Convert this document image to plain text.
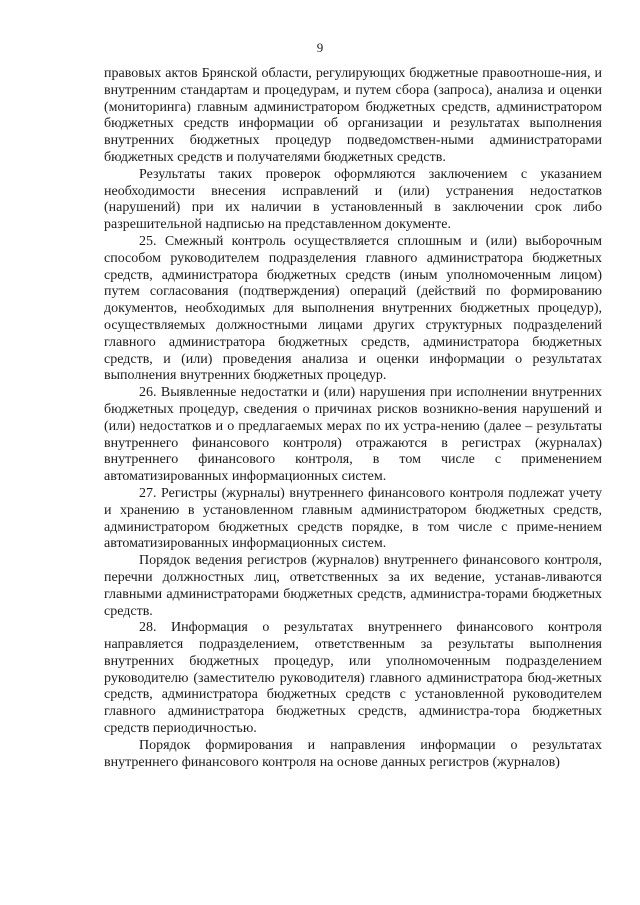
9

правовых актов Брянской области, регулирующих бюджетные правоотноше-ния, и внутренним стандартам и процедурам, и путем сбора (запроса), анализа и оценки (мониторинга) главным администратором бюджетных средств, администратором бюджетных средств информации об организации и результатах выполнения внутренних бюджетных процедур подведомствен-ными администраторами бюджетных средств и получателями бюджетных средств.

Результаты таких проверок оформляются заключением с указанием необходимости внесения исправлений и (или) устранения недостатков (нарушений) при их наличии в установленный в заключении срок либо разрешительной надписью на представленном документе.

25. Смежный контроль осуществляется сплошным и (или) выборочным способом руководителем подразделения главного администратора бюджетных средств, администратора бюджетных средств (иным уполномоченным лицом) путем согласования (подтверждения) операций (действий по формированию документов, необходимых для выполнения внутренних бюджетных процедур), осуществляемых должностными лицами других структурных подразделений главного администратора бюджетных средств, администратора бюджетных средств, и (или) проведения анализа и оценки информации о результатах выполнения внутренних бюджетных процедур.

26. Выявленные недостатки и (или) нарушения при исполнении внутренних бюджетных процедур, сведения о причинах рисков возникно-вения нарушений и (или) недостатков и о предлагаемых мерах по их устра-нению (далее – результаты внутреннего финансового контроля) отражаются в регистрах (журналах) внутреннего финансового контроля, в том числе с применением автоматизированных информационных систем.

27. Регистры (журналы) внутреннего финансового контроля подлежат учету и хранению в установленном главным администратором бюджетных средств, администратором бюджетных средств порядке, в том числе с приме-нением автоматизированных информационных систем.

Порядок ведения регистров (журналов) внутреннего финансового контроля, перечни должностных лиц, ответственных за их ведение, устанав-ливаются главными администраторами бюджетных средств, администра-торами бюджетных средств.

28. Информация о результатах внутреннего финансового контроля направляется подразделением, ответственным за результаты выполнения внутренних бюджетных процедур, или уполномоченным подразделением руководителю (заместителю руководителя) главного администратора бюд-жетных средств, администратора бюджетных средств с установленной руководителем главного администратора бюджетных средств, администра-тора бюджетных средств периодичностью.

Порядок формирования и направления информации о результатах внутреннего финансового контроля на основе данных регистров (журналов)
